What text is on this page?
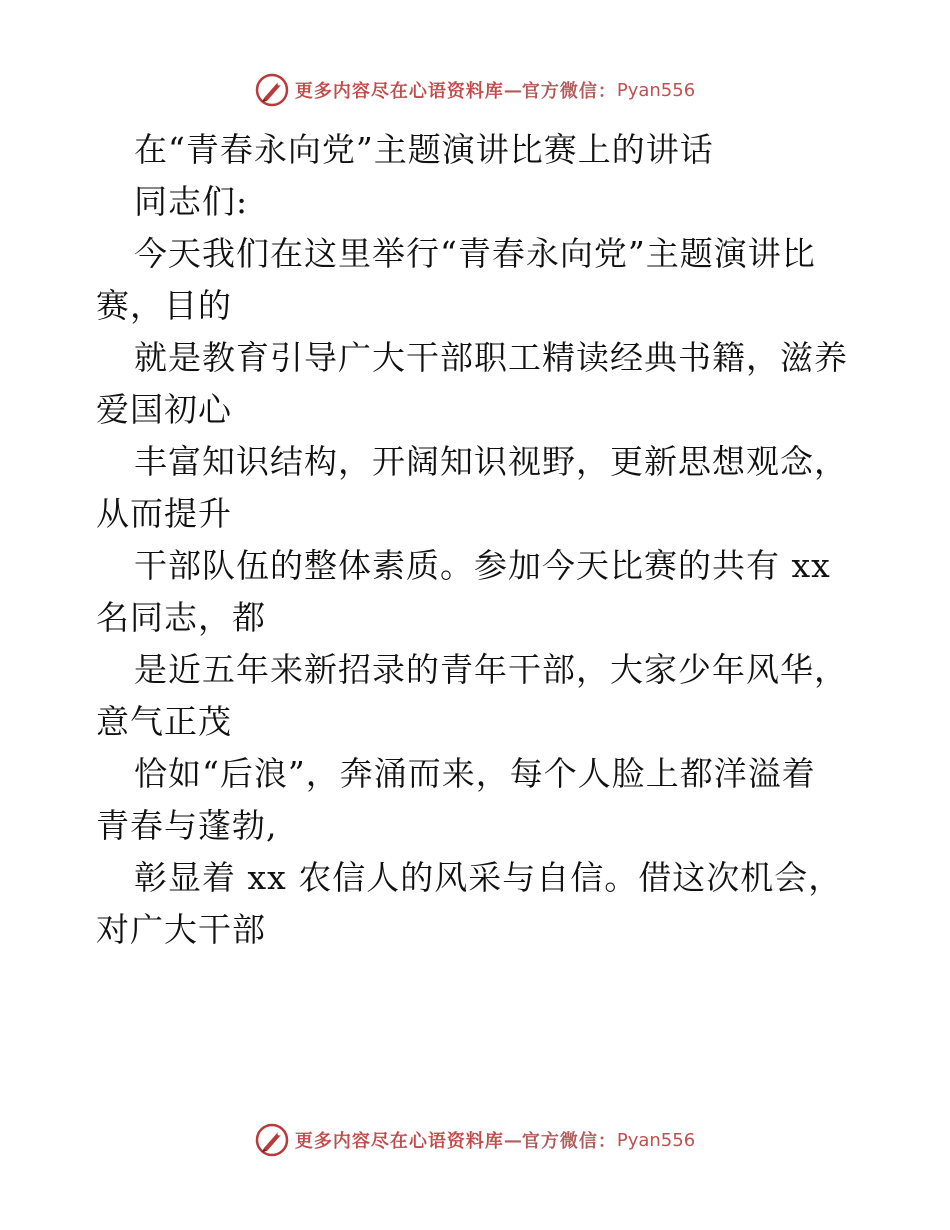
更多内容尽在心语资料库 — 官方微信： Pyan556
在“青春永向党”主题演讲比赛上的讲话
同志们:
今天我们在这里举行“青春永向党”主题演讲比
赛，目的
就是教育引导广大干部职工精读经典书籍，滋养
爱国初心
丰富知识结构，开阔知识视野，更新思想观念，
从而提升
干部队伍的整体素质。参加今天比赛的共有 xx
名同志，都
是近五年来新招录的青年干部，大家少年风华，
意气正茂
恰如“后浪”，奔涌而来，每个人脸上都洋溢着
青春与蓬勃,
彰显着 xx 农信人的风采与自信。借这次机会，
对广大干部
更多内容尽在心语资料库 — 官方微信： Pyan556
